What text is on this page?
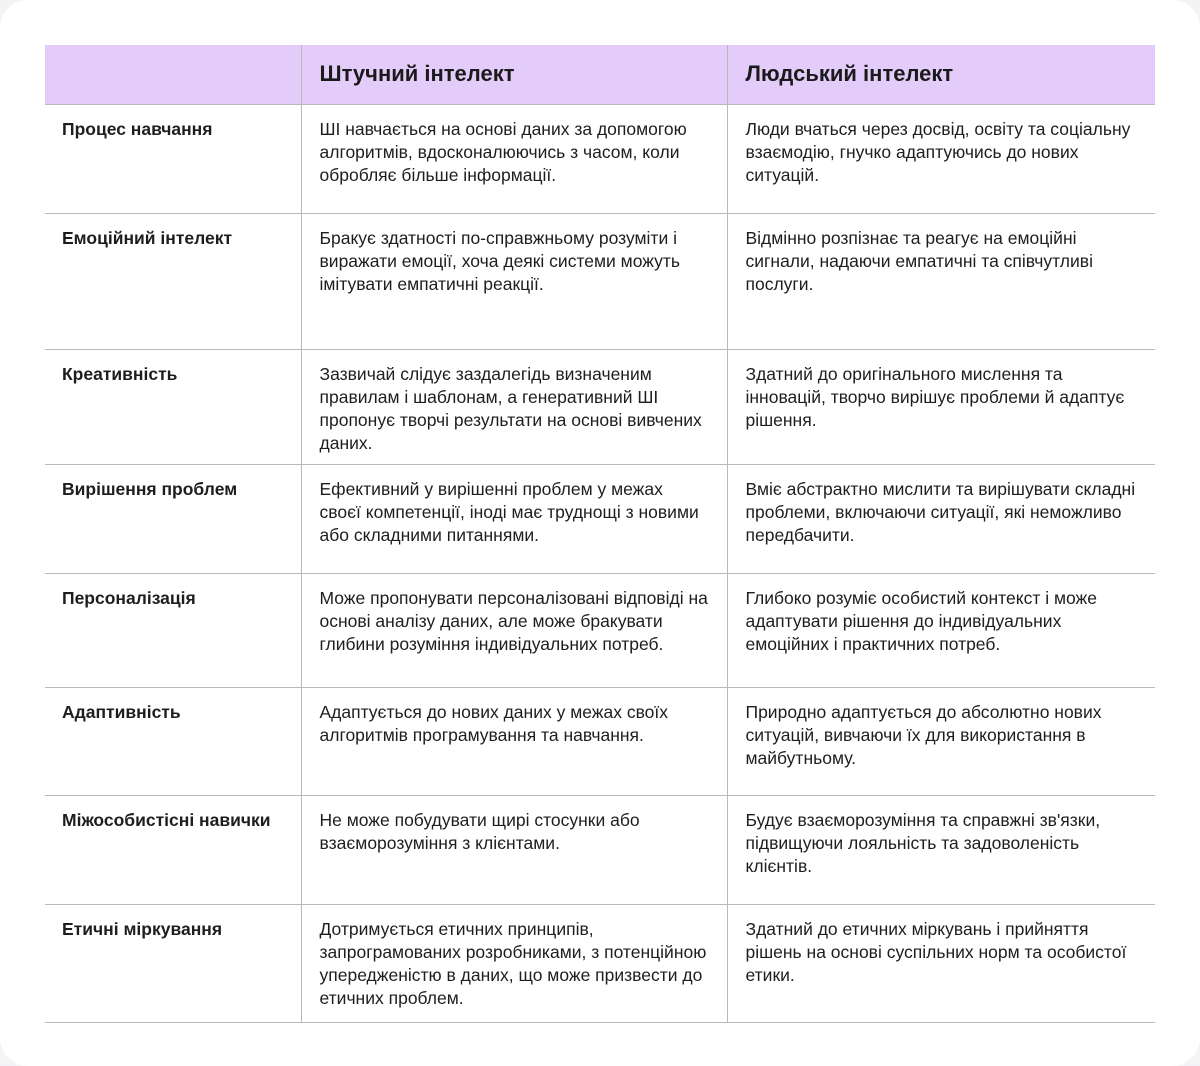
	Штучний інтелект	Людський інтелект
Процес навчання	ШІ навчається на основі даних за допомогою алгоритмів, вдосконалюючись з часом, коли обробляє більше інформації.	Люди вчаться через досвід, освіту та соціальну взаємодію, гнучко адаптуючись до нових ситуацій.
Емоційний інтелект	Бракує здатності по-справжньому розуміти і виражати емоції, хоча деякі системи можуть імітувати емпатичні реакції.	Відмінно розпізнає та реагує на емоційні сигнали, надаючи емпатичні та співчутливі послуги.
Креативність	Зазвичай слідує заздалегідь визначеним правилам і шаблонам, а генеративний ШІ пропонує творчі результати на основі вивчених даних.	Здатний до оригінального мислення та інновацій, творчо вирішує проблеми й адаптує рішення.
Вирішення проблем	Ефективний у вирішенні проблем у межах своєї компетенції, іноді має труднощі з новими або складними питаннями.	Вміє абстрактно мислити та вирішувати складні проблеми, включаючи ситуації, які неможливо передбачити.
Персоналізація	Може пропонувати персоналізовані відповіді на основі аналізу даних, але може бракувати глибини розуміння індивідуальних потреб.	Глибоко розуміє особистий контекст і може адаптувати рішення до індивідуальних емоційних і практичних потреб.
Адаптивність	Адаптується до нових даних у межах своїх алгоритмів програмування та навчання.	Природно адаптується до абсолютно нових ситуацій, вивчаючи їх для використання в майбутньому.
Міжособистісні навички	Не може побудувати щирі стосунки або взаєморозуміння з клієнтами.	Будує взаєморозуміння та справжні зв'язки, підвищуючи лояльність та задоволеність клієнтів.
Етичні міркування	Дотримується етичних принципів, запрограмованих розробниками, з потенційною упередженістю в даних, що може призвести до етичних проблем.	Здатний до етичних міркувань і прийняття рішень на основі суспільних норм та особистої етики.
